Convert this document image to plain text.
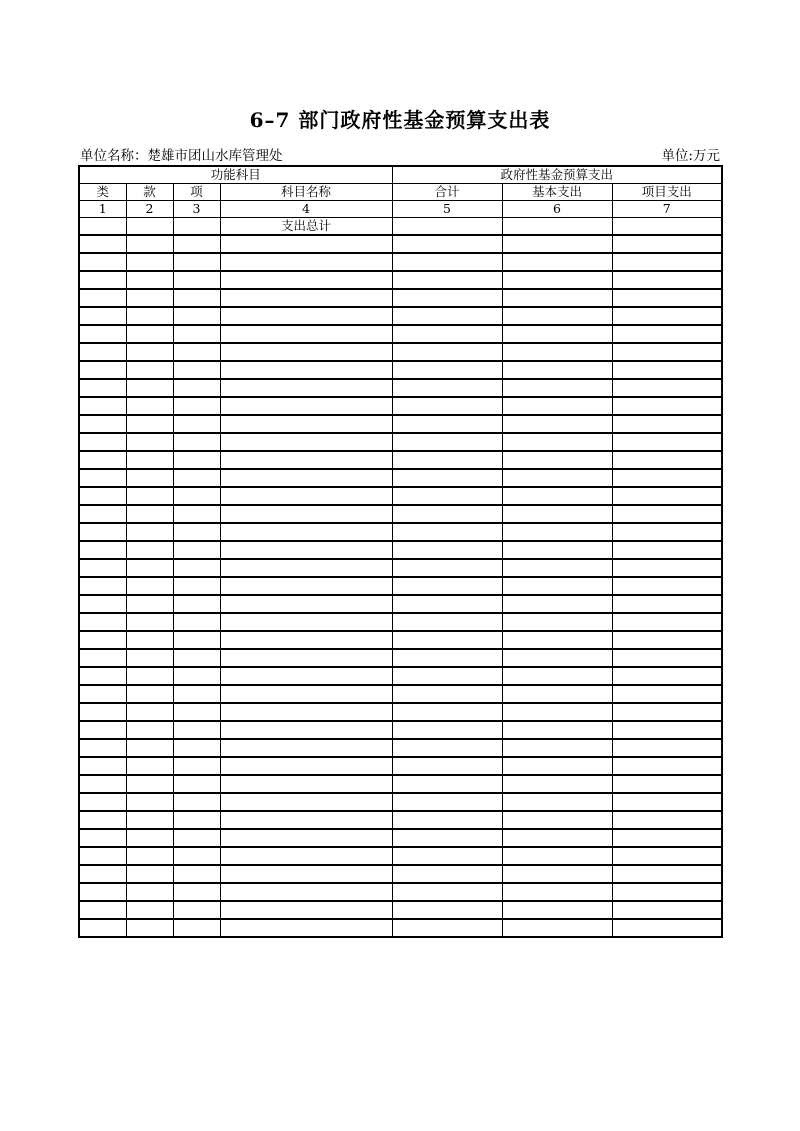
6–7 部门政府性基金预算支出表
单位名称：楚雄市团山水库管理处	单位:万元
功能科目				政府性基金预算支出		
类	款	项	科目名称	合计	基本支出	项目支出
1	2	3	4	5	6	7
			支出总计			
